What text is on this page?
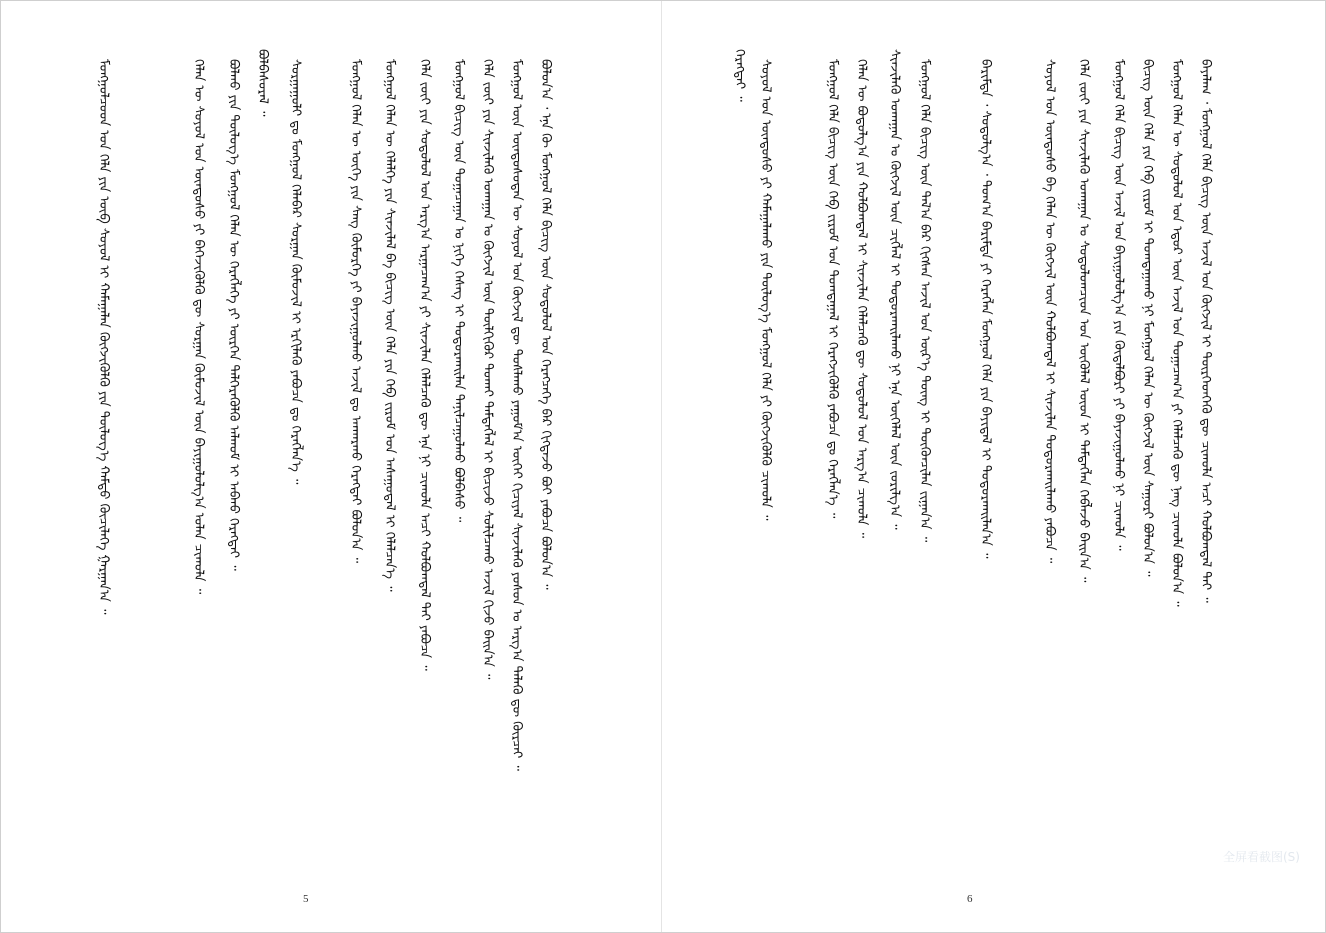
ᠪᠣᠯᠣᠨ᠎ᠠ ᠂ ᠡᠨᠡ ᠬᠦ ᠮᠣᠩᠭᠣᠯ ᠬᠡᠯᠡ ᠪᠢᠴᠢᠭ ᠦᠨ ᠰᠤᠳᠤᠯᠤᠯ ᠤᠨ ᠬᠡᠷᠡᠭᠴᠡᠭᠡ ᠪᠠᠷ ᠬᠢᠭᠳᠡᠵᠦ ᠪᠣᠢ ᠶᠠᠪᠤᠴᠠ ᠪᠣᠯᠤᠨ᠎ᠠ ᠃
ᠮᠣᠩᠭᠣᠯ ᠦᠨ ᠦᠨᠳᠦᠰᠦᠲᠡᠨ ᠦ ᠰᠣᠶᠣᠯ ᠤᠨ ᠬᠥᠭᠵᠢᠯ ᠳᠦ ᠲᠤᠰᠯᠠᠬᠤ ᠶᠠᠭᠤᠮ᠎ᠠ ᠦᠭᠡᠢ ᠬᠢᠴᠢᠶᠡᠯ ᠰᠢᠨᠵᠢᠯᠡᠬᠦ ᠶᠣᠰᠣᠨ ᠤ ᠠᠷᠭ᠎ᠠ ᠲᠡᠯᠡᠬᠦ ᠳᠦ ᠬᠦᠷᠴᠡᠢ ᠃
ᠬᠡᠯᠡ ᠵᠦᠢ ᠶᠢᠨ ᠰᠢᠨᠵᠢᠯᠡᠬᠦ ᠤᠬᠠᠭᠠᠨ ᠤ ᠬᠥᠭᠵᠢᠯ ᠦᠨ ᠲᠦᠯᠬᠢᠭᠦᠷ ᠲᠤᠬᠠᠢ ᠲᠡᠮᠳᠡᠭᠯᠡᠯ ᠢ ᠪᠢᠴᠢᠵᠦ ᠰᠣᠯᠢᠯᠴᠠᠬᠤ ᠠᠵᠢᠯ ᠬᠢᠵᠦ ᠪᠠᠢᠨ᠎ᠠ ᠃
ᠮᠣᠩᠭᠣᠯ ᠪᠢᠴᠢᠭ ᠦᠨ ᠲᠣᠭᠠᠴᠠᠭᠠᠨ ᠤ ᠨᠢᠭᠡ ᠬᠡᠰᠡᠭ ᠢ ᠲᠣᠳᠣᠷᠬᠠᠢᠯᠠᠨ ᠲᠠᠨᠢᠯᠴᠠᠭᠤᠯᠬᠤ ᠪᠣᠯᠪᠠᠰᠤ ᠃
ᠬᠡᠯᠡ ᠵᠦᠢ ᠶᠢᠨ ᠰᠤᠳᠤᠯᠤᠯ ᠤᠨ ᠠᠷᠭ᠎ᠠ ᠠᠷᠭᠠᠴᠠᠭ᠎ᠠ ᠶᠢ ᠰᠢᠨᠵᠢᠯᠡᠨ ᠬᠡᠯᠡᠯᠴᠡᠬᠦ ᠳᠦ ᠡᠨᠡ ᠨᠢ ᠴᠢᠬᠤᠯᠠ ᠠᠴᠢ ᠬᠣᠯᠪᠣᠭᠳᠠᠯ ᠲᠠᠢ ᠶᠠᠪᠤᠴᠠ ᠃
ᠮᠣᠩᠭᠣᠯ ᠬᠡᠯᠡᠨ ᠦ ᠬᠡᠯᠡᠯᠭᠡ ᠶᠢᠨ ᠰᠢᠨᠵᠢᠯᠡᠯ ᠪᠠ ᠪᠢᠴᠢᠭ ᠦᠨ ᠬᠡᠯᠡ ᠶᠢᠨ ᠬᠡᠪ ᠵᠢᠷᠤᠮ ᠤᠨ ᠠᠰᠠᠭᠤᠳᠠᠯ ᠢ ᠬᠡᠯᠡᠯᠴᠡᠨ᠎ᠡ ᠃
ᠮᠣᠩᠭᠣᠯ ᠬᠡᠯᠡᠨ ᠦ ᠦᠭᠡ ᠶᠢᠨ ᠰᠠᠩ ᠬᠥᠮᠥᠷᠭᠡ ᠶᠢ ᠪᠠᠶᠠᠵᠢᠭᠤᠯᠬᠤ ᠠᠵᠢᠯ ᠳᠤ ᠠᠨᠬᠠᠷᠬᠤ ᠬᠡᠷᠡᠭᠲᠡᠢ ᠪᠣᠯᠤᠨ᠎ᠠ ᠃
ᠰᠤᠷᠭᠠᠭᠤᠯᠢ ᠳᠤ ᠮᠣᠩᠭᠣᠯ ᠬᠡᠯᠡᠪᠡᠷ ᠰᠤᠷᠭᠠᠨ ᠬᠦᠮᠦᠵᠢᠯ ᠢ ᠡᠷᠬᠢᠯᠡᠬᠦ ᠶᠠᠪᠤᠴᠠ ᠳᠤ ᠬᠡᠷᠡᠭᠯᠡᠨ᠎ᠡ ᠃
ᠪᠣᠯᠪᠠᠰᠤᠷᠠᠯ ᠃
ᠪᠣᠯᠬᠤ ᠶᠢᠨ ᠲᠥᠯᠥᠭ᠎ᠡ ᠮᠣᠩᠭᠣᠯ ᠬᠡᠯᠡᠨ ᠦ ᠬᠡᠷᠡᠭᠯᠡᠭᠡ ᠶᠢ ᠥᠷᠭᠡᠨ ᠳᠡᠯᠭᠡᠷᠡᠭᠦᠯᠬᠦ ᠠᠯᠬᠤᠮ ᠢ ᠠᠪᠬᠤ ᠬᠡᠷᠡᠭᠲᠡᠢ ᠃
ᠬᠡᠯᠡᠨ ᠦ ᠰᠣᠶᠣᠯ ᠤᠨ ᠦᠨᠳᠦᠰᠦ ᠶᠢ ᠪᠡᠬᠡᠵᠢᠭᠦᠯᠬᠦ ᠳᠦ ᠰᠤᠷᠭᠠᠨ ᠬᠦᠮᠦᠵᠢᠯ ᠦᠨ ᠪᠠᠶᠢᠭᠤᠯᠤᠯᠭ᠎ᠠ ᠣᠯᠠᠨ ᠴᠢᠬᠤᠯᠠ ᠃
ᠮᠣᠩᠭᠣᠯᠴᠤᠳ ᠤᠨ ᠬᠡᠯᠡ ᠶᠢᠨ ᠥᠪ ᠰᠣᠶᠣᠯ ᠢ ᠬᠠᠮᠠᠭᠠᠯᠠᠨ ᠬᠥᠭᠵᠢᠭᠦᠯᠬᠦ ᠶᠢᠨ ᠲᠥᠯᠥᠭ᠎ᠡ ᠬᠠᠮᠲᠤ ᠬᠦᠴᠢᠯᠡᠭᠡ ᠭᠠᠷᠭᠠᠨ᠎ᠠ ᠃
5
ᠪᠠᠶᠠᠯᠠᠭ ᠂ ᠮᠣᠩᠭᠣᠯ ᠬᠡᠯᠡ ᠪᠢᠴᠢᠭ ᠦᠨ ᠠᠵᠢᠯ ᠤᠨ ᠬᠥᠭᠵᠢᠯ ᠢ ᠲᠦᠷᠭᠡᠳᠬᠡᠬᠦ ᠳᠦ ᠴᠢᠬᠤᠯᠠ ᠠᠴᠢ ᠬᠤᠯᠪᠣᠭᠳᠠᠯ ᠲᠠᠢ ᠃
ᠮᠣᠩᠭᠣᠯ ᠬᠡᠯᠡᠨ ᠦ ᠰᠤᠳᠤᠯᠤᠯ ᠤᠨ ᠡᠳᠦᠷ ᠦᠨ ᠠᠵᠢᠯ ᠤᠨ ᠲᠣᠭᠠᠴᠠᠭ᠎ᠠ ᠶᠢ ᠬᠡᠯᠡᠯᠴᠡᠬᠦ ᠳᠦ ᠨᠡᠩ ᠴᠢᠬᠤᠯᠠ ᠪᠣᠯᠤᠨ᠎ᠠ ᠃
ᠪᠢᠴᠢᠭ ᠦᠨ ᠬᠡᠯᠡ ᠶᠢᠨ ᠬᠡᠪ ᠵᠢᠷᠤᠮ ᠢ ᠲᠣᠭᠲᠠᠭᠠᠬᠤ ᠨᠢ ᠮᠣᠩᠭᠣᠯ ᠬᠡᠯᠡᠨ ᠦ ᠬᠥᠭᠵᠢᠯ ᠦᠨ ᠰᠠᠭᠤᠷᠢ ᠪᠣᠯᠤᠨ᠎ᠠ ᠃
ᠮᠣᠩᠭᠣᠯ ᠬᠡᠯᠡ ᠪᠢᠴᠢᠭ ᠦᠨ ᠠᠵᠢᠯ ᠤᠨ ᠪᠠᠶᠢᠭᠤᠯᠤᠯᠭ᠎ᠠ ᠶᠢᠨ ᠬᠥᠲᠡᠯᠪᠦᠷᠢ ᠶᠢ ᠪᠠᠶᠠᠵᠢᠭᠤᠯᠬᠤ ᠨᠢ ᠴᠢᠬᠤᠯᠠ ᠃
ᠬᠡᠯᠡ ᠵᠦᠢ ᠶᠢᠨ ᠰᠢᠨᠵᠢᠯᠡᠬᠦ ᠤᠬᠠᠭᠠᠨ ᠤ ᠰᠤᠳᠤᠯᠤᠭᠴᠢᠳ ᠤᠨ ᠥᠭᠦᠯᠡᠯ ᠦᠳ ᠢ ᠲᠡᠮᠳᠡᠭᠯᠡᠨ ᠬᠡᠪᠯᠡᠵᠦ ᠪᠠᠢᠨ᠎ᠠ ᠃
ᠰᠣᠶᠣᠯ ᠤᠨ ᠦᠨᠳᠦᠰᠦ ᠪᠠ ᠬᠡᠯᠡᠨ ᠦ ᠬᠥᠭᠵᠢᠯ ᠦᠨ ᠬᠣᠯᠪᠣᠭᠳᠠᠯ ᠢ ᠰᠢᠨᠵᠢᠯᠡᠨ ᠲᠣᠳᠣᠷᠬᠠᠢᠯᠠᠬᠤ ᠶᠠᠪᠤᠴᠠ ᠃
ᠪᠠᠷᠢᠮᠲᠠ ᠂ ᠰᠤᠳᠤᠯᠭ᠎ᠠ ᠂ ᠲᠣᠭ᠎ᠠ ᠪᠠᠷᠢᠮᠲᠠ ᠶᠢ ᠬᠡᠷᠡᠭᠯᠡᠨ ᠮᠣᠩᠭᠣᠯ ᠬᠡᠯᠡ ᠶᠢᠨ ᠪᠠᠶᠢᠳᠠᠯ ᠢ ᠲᠣᠳᠣᠷᠬᠠᠢᠯᠠᠨ᠎ᠠ ᠃
ᠮᠣᠩᠭᠣᠯ ᠬᠡᠯᠡ ᠪᠢᠴᠢᠭ ᠦᠨ ᠲᠠᠯ᠎ᠠ ᠪᠠᠷ ᠬᠢᠭᠰᠡᠨ ᠠᠵᠢᠯ ᠤᠨ ᠦᠷ᠎ᠡ ᠳᠦᠩ ᠢ ᠳᠦᠭᠦᠨᠴᠢᠯᠡᠨ ᠵᠢᠭᠠᠨ᠎ᠠ ᠃
ᠰᠢᠨᠵᠢᠯᠡᠬᠦ ᠤᠬᠠᠭᠠᠨ ᠤ ᠬᠥᠭᠵᠢᠯ ᠦᠨ ᠴᠢᠭᠯᠡᠯ ᠢ ᠲᠣᠳᠣᠷᠬᠠᠢᠯᠠᠬᠤ ᠨᠢ ᠡᠨᠡ ᠦᠭᠡᠯᠡᠯ ᠦᠨ ᠵᠣᠷᠢᠯᠭ᠎ᠠ ᠃
ᠬᠡᠯᠡᠨ ᠦ ᠪᠣᠳᠤᠯᠭ᠎ᠠ ᠶᠢᠨ ᠬᠣᠯᠪᠣᠭᠳᠠᠯ ᠢ ᠰᠢᠨᠵᠢᠯᠡᠨ ᠬᠡᠯᠡᠯᠴᠡᠬᠦ ᠳᠦ ᠰᠤᠳᠤᠯᠤᠯ ᠤᠨ ᠠᠷᠭ᠎ᠠ ᠴᠢᠬᠤᠯᠠ ᠃
ᠮᠣᠩᠭᠣᠯ ᠬᠡᠯᠡ ᠪᠢᠴᠢᠭ ᠦᠨ ᠬᠡᠪ ᠵᠢᠷᠤᠮ ᠤᠨ ᠲᠣᠭᠲᠠᠭᠠᠯ ᠢ ᠬᠡᠷᠡᠭᠵᠢᠭᠦᠯᠬᠦ ᠶᠠᠪᠤᠴᠠ ᠳᠤ ᠬᠡᠷᠡᠭᠯᠡᠨ᠎ᠡ ᠃
ᠰᠣᠶᠣᠯ ᠤᠨ ᠦᠨᠳᠦᠰᠦ ᠶᠢ ᠬᠠᠮᠠᠭᠠᠯᠠᠬᠤ ᠶᠢᠨ ᠲᠥᠯᠥᠭ᠎ᠡ ᠮᠣᠩᠭᠣᠯ ᠬᠡᠯᠡ ᠶᠢ ᠬᠥᠭᠵᠢᠭᠦᠯᠬᠦ ᠴᠢᠬᠤᠯᠠ ᠃
ᠬᠡᠷᠡᠭᠲᠡᠢ ᠃
6
全屏看截图(S)
